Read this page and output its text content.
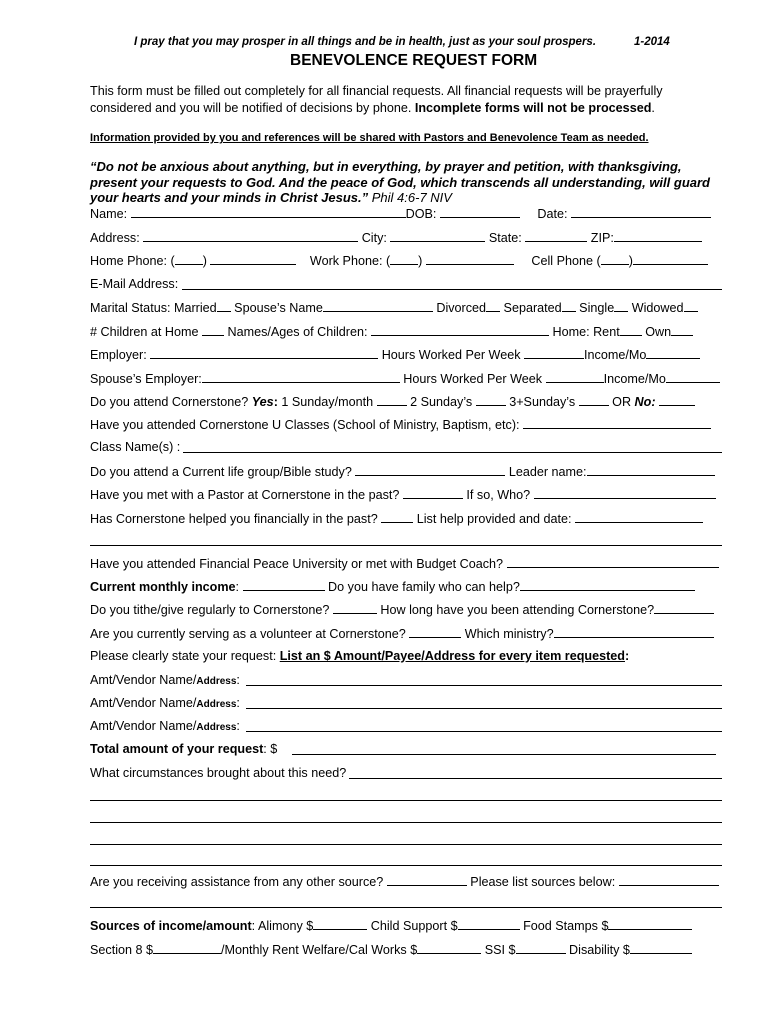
I pray that you may prosper in all things and be in health, just as your soul prospers.	1-2014
BENEVOLENCE REQUEST FORM
This form must be filled out completely for all financial requests. All financial requests will be prayerfully
considered and you will be notified of decisions by phone. Incomplete forms will not be processed.
Information provided by you and references will be shared with Pastors and Benevolence Team as needed.
“Do not be anxious about anything, but in everything, by prayer and petition, with thanksgiving,
present your requests to God. And the peace of God, which transcends all understanding, will guard
your hearts and your minds in Christ Jesus.” Phil 4:6-7 NIV
Name:	DOB:	Date:
Address:	City:	State:	ZIP:
Home Phone: ( )	Work Phone: ( )	Cell Phone ( )
E-Mail Address:
Marital Status: Married Spouse’s Name	Divorced Separated Single Widowed
# Children at Home  Names/Ages of Children:	Home: Rent Own
Employer:	Hours Worked Per Week	Income/Mo
Spouse’s Employer:	Hours Worked Per Week	Income/Mo
Do you attend Cornerstone? Yes: 1 Sunday/month	2 Sunday’s	3+Sunday’s	OR No:
Have you attended Cornerstone U Classes (School of Ministry, Baptism, etc):
Class Name(s) :
Do you attend a Current life group/Bible study?	Leader name:
Have you met with a Pastor at Cornerstone in the past?	If so, Who?
Has Cornerstone helped you financially in the past?	List help provided and date:
Have you attended Financial Peace University or met with Budget Coach?
Current monthly income:	Do you have family who can help?
Do you tithe/give regularly to Cornerstone?	How long have you been attending Cornerstone?
Are you currently serving as a volunteer at Cornerstone?	Which ministry?
Please clearly state your request: List an $ Amount/Payee/Address for every item requested:
Amt/Vendor Name/Address:
Amt/Vendor Name/Address:
Amt/Vendor Name/Address:
Total amount of your request: $
What circumstances brought about this need?
Are you receiving assistance from any other source?	Please list sources below:
Sources of income/amount: Alimony $	Child Support $	Food Stamps $
Section 8 $	/Monthly Rent Welfare/Cal Works $	SSI $	Disability $
